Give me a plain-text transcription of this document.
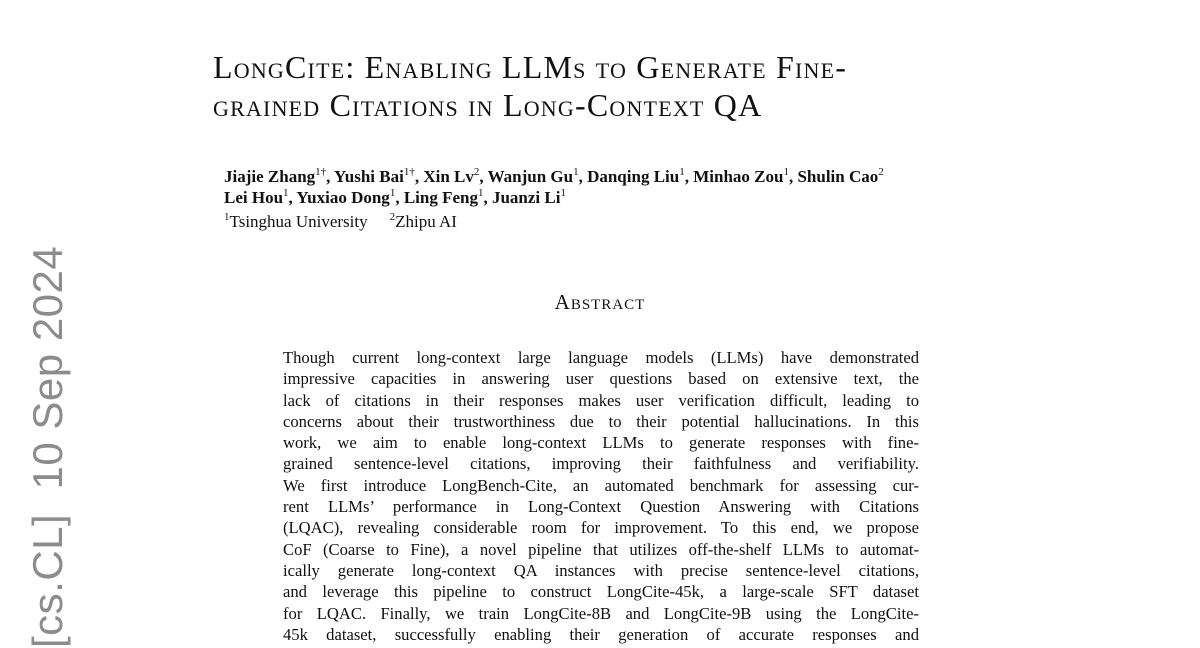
LongCite: Enabling LLMs to Generate Fine-
grained Citations in Long-Context QA
Jiajie Zhang$^{1\dagger}$, Yushi Bai$^{1\dagger}$, Xin Lv$^2$, Wanjun Gu$^1$, Danqing Liu$^1$, Minhao Zou$^1$, Shulin Cao$^2$
Lei Hou$^1$, Yuxiao Dong$^1$, Ling Feng$^1$, Juanzi Li$^1$
$^1$Tsinghua University $^2$Zhipu AI
Abstract
Though current long-context large language models (LLMs) have demonstrated
impressive capacities in answering user questions based on extensive text, the
lack of citations in their responses makes user verification difficult, leading to
concerns about their trustworthiness due to their potential hallucinations. In this
work, we aim to enable long-context LLMs to generate responses with fine-
grained sentence-level citations, improving their faithfulness and verifiability.
We first introduce LongBench-Cite, an automated benchmark for assessing cur-
rent LLMs’ performance in Long-Context Question Answering with Citations
(LQAC), revealing considerable room for improvement. To this end, we propose
CoF (Coarse to Fine), a novel pipeline that utilizes off-the-shelf LLMs to automat-
ically generate long-context QA instances with precise sentence-level citations,
and leverage this pipeline to construct LongCite-45k, a large-scale SFT dataset
for LQAC. Finally, we train LongCite-8B and LongCite-9B using the LongCite-
45k dataset, successfully enabling their generation of accurate responses and
[cs.CL]  10 Sep 2024
